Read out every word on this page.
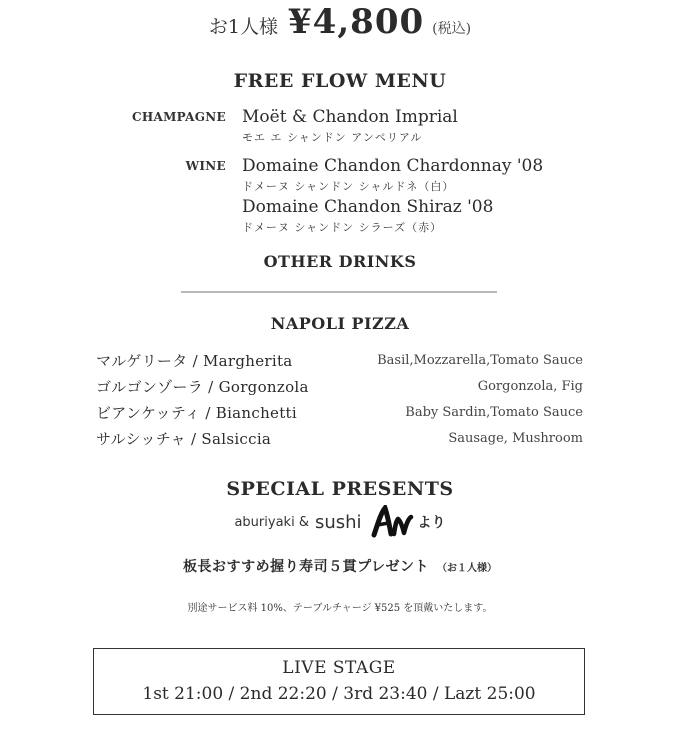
お1人様 ¥4,800 (税込)
FREE FLOW MENU
CHAMPAGNE Moët & Chandon Imprial
モエ エ シャンドン アンペリアル
WINE Domaine Chandon Chardonnay '08
ドメーヌ シャンドン シャルドネ（白）
Domaine Chandon Shiraz '08
ドメーヌ シャンドン シラーズ（赤）
OTHER DRINKS
NAPOLI PIZZA
マルゲリータ / Margherita	Basil,Mozzarella,Tomato Sauce
ゴルゴンゾーラ / Gorgonzola	Gorgonzola, Fig
ビアンケッティ / Bianchetti	Baby Sardin,Tomato Sauce
サルシッチャ / Salsiccia	Sausage, Mushroom
SPECIAL PRESENTS
aburiyaki & sushi	より
板長おすすめ握り寿司５貫プレゼント （お１人様）
別途サービス料 10%、テーブルチャージ ¥525 を頂戴いたします。
LIVE STAGE
1st 21:00 / 2nd 22:20 / 3rd 23:40 / Lazt 25:00
